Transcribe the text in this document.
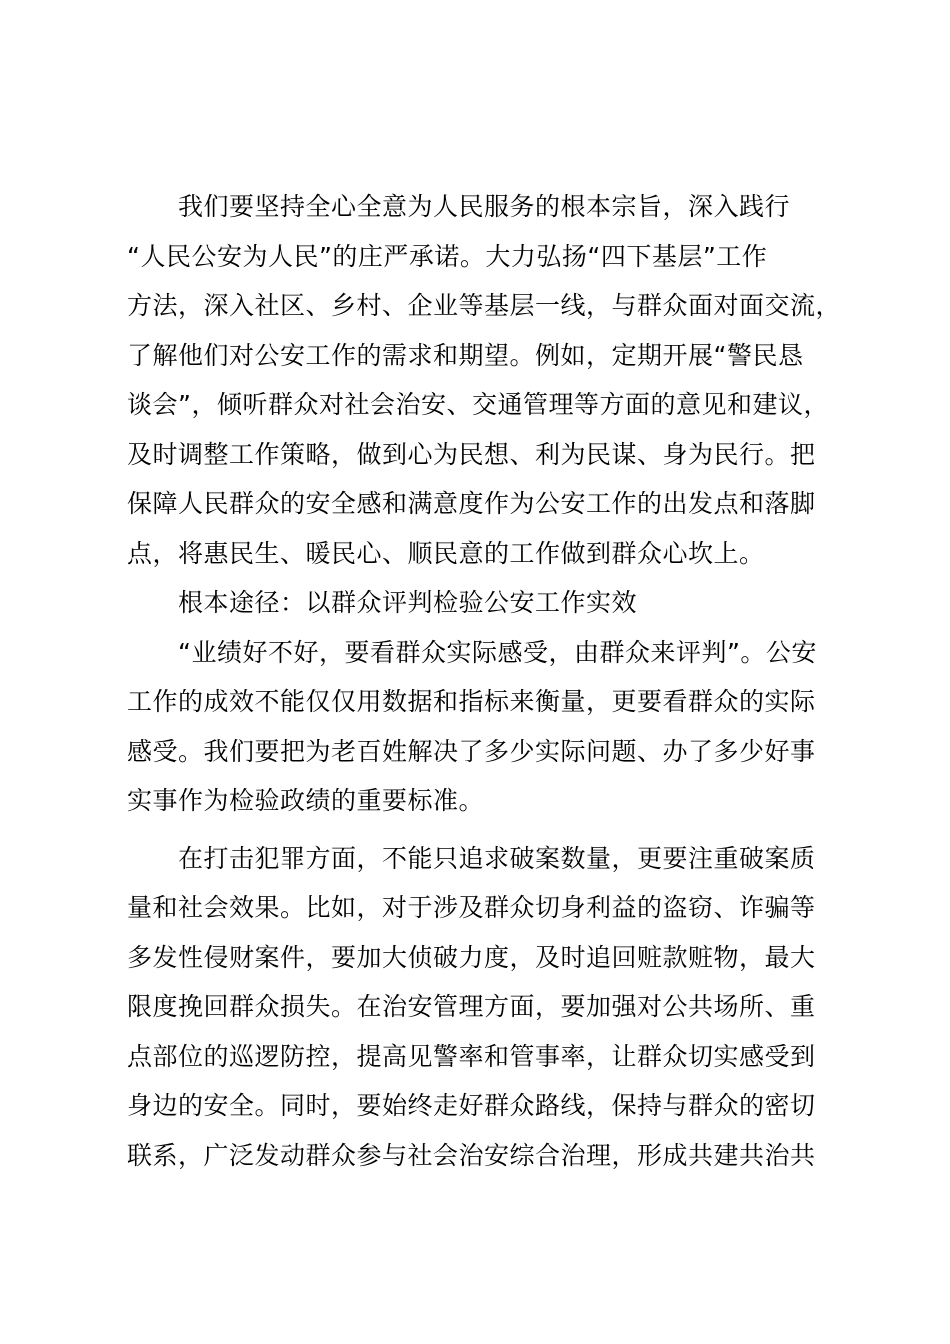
我们要坚持全心全意为人民服务的根本宗旨，深入践行
“人民公安为人民”的庄严承诺。大力弘扬“四下基层”工作
方法，深入社区、乡村、企业等基层一线，与群众面对面交流，
了解他们对公安工作的需求和期望。例如，定期开展“警民恳
谈会”，倾听群众对社会治安、交通管理等方面的意见和建议，
及时调整工作策略，做到心为民想、利为民谋、身为民行。把
保障人民群众的安全感和满意度作为公安工作的出发点和落脚
点，将惠民生、暖民心、顺民意的工作做到群众心坎上。
根本途径：以群众评判检验公安工作实效
“业绩好不好，要看群众实际感受，由群众来评判”。公安
工作的成效不能仅仅用数据和指标来衡量，更要看群众的实际
感受。我们要把为老百姓解决了多少实际问题、办了多少好事
实事作为检验政绩的重要标准。
在打击犯罪方面，不能只追求破案数量，更要注重破案质
量和社会效果。比如，对于涉及群众切身利益的盗窃、诈骗等
多发性侵财案件，要加大侦破力度，及时追回赃款赃物，最大
限度挽回群众损失。在治安管理方面，要加强对公共场所、重
点部位的巡逻防控，提高见警率和管事率，让群众切实感受到
身边的安全。同时，要始终走好群众路线，保持与群众的密切
联系，广泛发动群众参与社会治安综合治理，形成共建共治共
